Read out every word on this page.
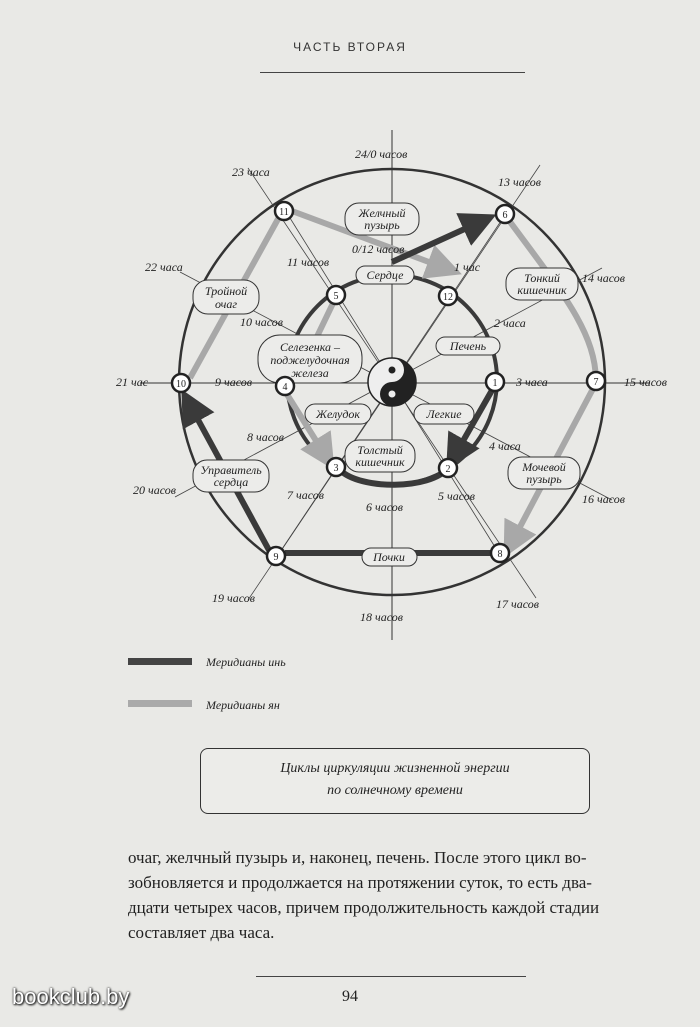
ЧАСТЬ ВТОРАЯ
Желчный
пузырь
Сердце	Тонкий
кишечник
Тройной
очаг
Селезенка –
поджелудочная
железа
Печень
Желудок	Легкие
Толстый
кишечник
Управитель
сердца
Мочевой
пузырь
Почки
24/0 часов
0/12 часов
23 часа
13 часов
22 часа	1 час
14 часов
11 часов
10 часов	2 часа
21 час	9 часов	3 часа	15 часов
8 часов
4 часа
20 часов
16 часов
7 часов
6 часов
5 часов
19 часов
18 часов
17 часов
1
2
3
4
5
6
7
8
9
10
11
12
Меридианы инь
Меридианы ян
Циклы циркуляции жизненной энергии
по солнечному времени
очаг, желчный пузырь и, наконец, печень. После этого цикл во-
зобновляется и продолжается на протяжении суток, то есть два-
дцати четырех часов, причем продолжительность каждой стадии
составляет два часа.
94
bookclub.by
